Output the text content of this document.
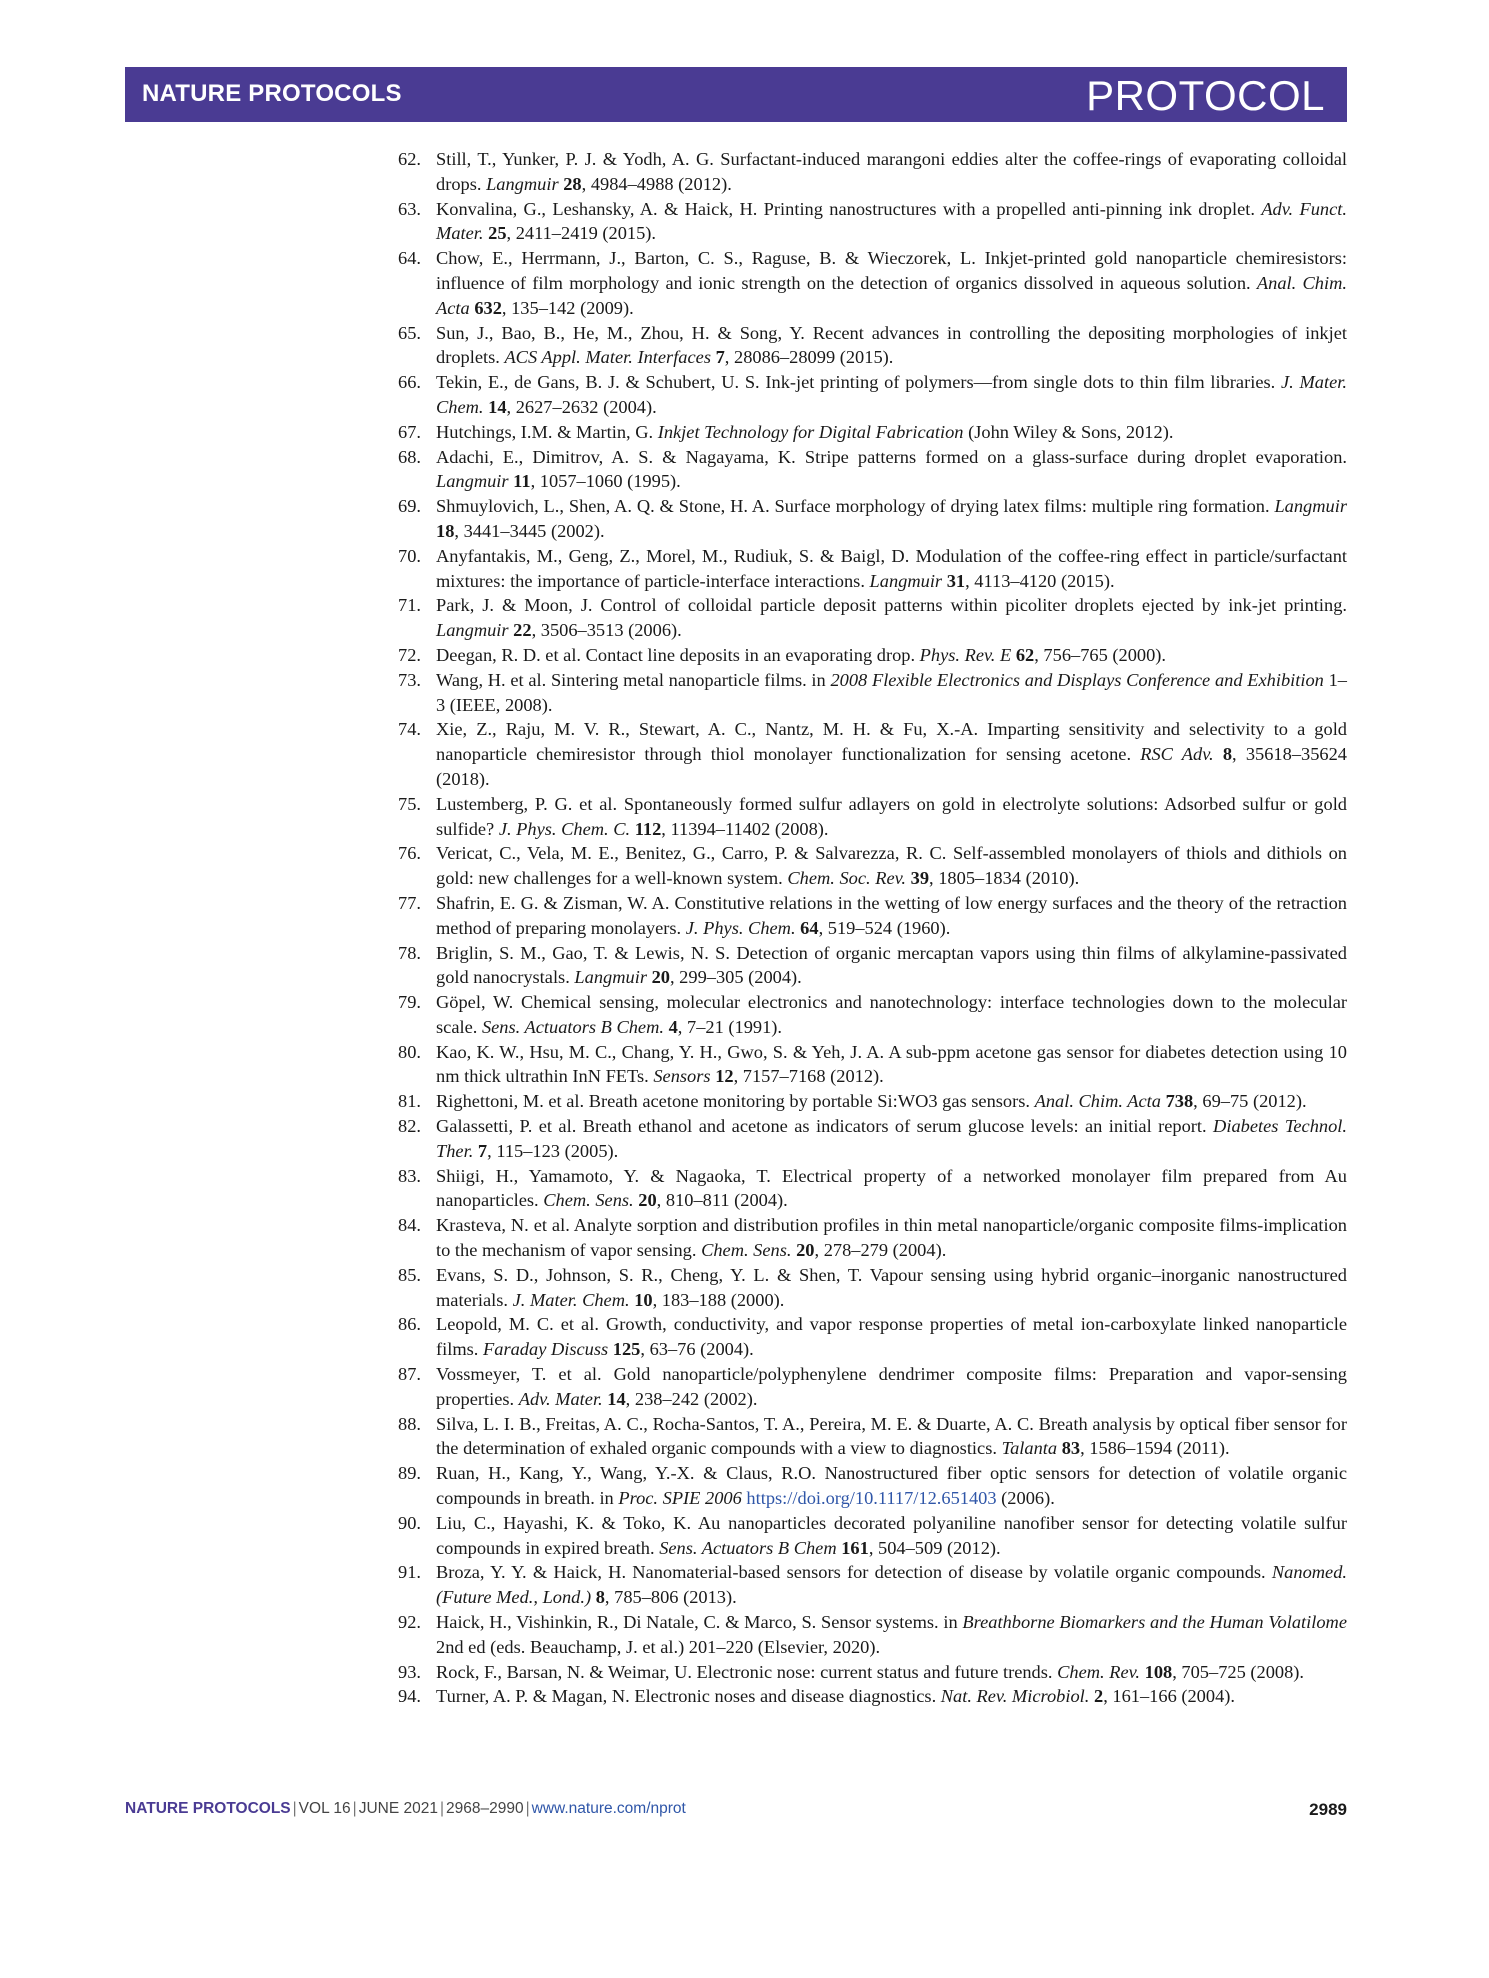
NATURE PROTOCOLS	PROTOCOL
62. Still, T., Yunker, P. J. & Yodh, A. G. Surfactant-induced marangoni eddies alter the coffee-rings of evaporating colloidal drops. Langmuir 28, 4984–4988 (2012).
63. Konvalina, G., Leshansky, A. & Haick, H. Printing nanostructures with a propelled anti-pinning ink droplet. Adv. Funct. Mater. 25, 2411–2419 (2015).
64. Chow, E., Herrmann, J., Barton, C. S., Raguse, B. & Wieczorek, L. Inkjet-printed gold nanoparticle chemiresistors: influence of film morphology and ionic strength on the detection of organics dissolved in aqueous solution. Anal. Chim. Acta 632, 135–142 (2009).
65. Sun, J., Bao, B., He, M., Zhou, H. & Song, Y. Recent advances in controlling the depositing morphologies of inkjet droplets. ACS Appl. Mater. Interfaces 7, 28086–28099 (2015).
66. Tekin, E., de Gans, B. J. & Schubert, U. S. Ink-jet printing of polymers—from single dots to thin film libraries. J. Mater. Chem. 14, 2627–2632 (2004).
67. Hutchings, I.M. & Martin, G. Inkjet Technology for Digital Fabrication (John Wiley & Sons, 2012).
68. Adachi, E., Dimitrov, A. S. & Nagayama, K. Stripe patterns formed on a glass-surface during droplet evaporation. Langmuir 11, 1057–1060 (1995).
69. Shmuylovich, L., Shen, A. Q. & Stone, H. A. Surface morphology of drying latex films: multiple ring formation. Langmuir 18, 3441–3445 (2002).
70. Anyfantakis, M., Geng, Z., Morel, M., Rudiuk, S. & Baigl, D. Modulation of the coffee-ring effect in particle/surfactant mixtures: the importance of particle-interface interactions. Langmuir 31, 4113–4120 (2015).
71. Park, J. & Moon, J. Control of colloidal particle deposit patterns within picoliter droplets ejected by ink-jet printing. Langmuir 22, 3506–3513 (2006).
72. Deegan, R. D. et al. Contact line deposits in an evaporating drop. Phys. Rev. E 62, 756–765 (2000).
73. Wang, H. et al. Sintering metal nanoparticle films. in 2008 Flexible Electronics and Displays Conference and Exhibition 1–3 (IEEE, 2008).
74. Xie, Z., Raju, M. V. R., Stewart, A. C., Nantz, M. H. & Fu, X.-A. Imparting sensitivity and selectivity to a gold nanoparticle chemiresistor through thiol monolayer functionalization for sensing acetone. RSC Adv. 8, 35618–35624 (2018).
75. Lustemberg, P. G. et al. Spontaneously formed sulfur adlayers on gold in electrolyte solutions: Adsorbed sulfur or gold sulfide? J. Phys. Chem. C. 112, 11394–11402 (2008).
76. Vericat, C., Vela, M. E., Benitez, G., Carro, P. & Salvarezza, R. C. Self-assembled monolayers of thiols and dithiols on gold: new challenges for a well-known system. Chem. Soc. Rev. 39, 1805–1834 (2010).
77. Shafrin, E. G. & Zisman, W. A. Constitutive relations in the wetting of low energy surfaces and the theory of the retraction method of preparing monolayers. J. Phys. Chem. 64, 519–524 (1960).
78. Briglin, S. M., Gao, T. & Lewis, N. S. Detection of organic mercaptan vapors using thin films of alkylamine-passivated gold nanocrystals. Langmuir 20, 299–305 (2004).
79. Göpel, W. Chemical sensing, molecular electronics and nanotechnology: interface technologies down to the molecular scale. Sens. Actuators B Chem. 4, 7–21 (1991).
80. Kao, K. W., Hsu, M. C., Chang, Y. H., Gwo, S. & Yeh, J. A. A sub-ppm acetone gas sensor for diabetes detection using 10 nm thick ultrathin InN FETs. Sensors 12, 7157–7168 (2012).
81. Righettoni, M. et al. Breath acetone monitoring by portable Si:WO3 gas sensors. Anal. Chim. Acta 738, 69–75 (2012).
82. Galassetti, P. et al. Breath ethanol and acetone as indicators of serum glucose levels: an initial report. Diabetes Technol. Ther. 7, 115–123 (2005).
83. Shiigi, H., Yamamoto, Y. & Nagaoka, T. Electrical property of a networked monolayer film prepared from Au nanoparticles. Chem. Sens. 20, 810–811 (2004).
84. Krasteva, N. et al. Analyte sorption and distribution profiles in thin metal nanoparticle/organic composite films-implication to the mechanism of vapor sensing. Chem. Sens. 20, 278–279 (2004).
85. Evans, S. D., Johnson, S. R., Cheng, Y. L. & Shen, T. Vapour sensing using hybrid organic–inorganic nanostructured materials. J. Mater. Chem. 10, 183–188 (2000).
86. Leopold, M. C. et al. Growth, conductivity, and vapor response properties of metal ion-carboxylate linked nanoparticle films. Faraday Discuss 125, 63–76 (2004).
87. Vossmeyer, T. et al. Gold nanoparticle/polyphenylene dendrimer composite films: Preparation and vapor-sensing properties. Adv. Mater. 14, 238–242 (2002).
88. Silva, L. I. B., Freitas, A. C., Rocha-Santos, T. A., Pereira, M. E. & Duarte, A. C. Breath analysis by optical fiber sensor for the determination of exhaled organic compounds with a view to diagnostics. Talanta 83, 1586–1594 (2011).
89. Ruan, H., Kang, Y., Wang, Y.-X. & Claus, R.O. Nanostructured fiber optic sensors for detection of volatile organic compounds in breath. in Proc. SPIE 2006 https://doi.org/10.1117/12.651403 (2006).
90. Liu, C., Hayashi, K. & Toko, K. Au nanoparticles decorated polyaniline nanofiber sensor for detecting volatile sulfur compounds in expired breath. Sens. Actuators B Chem 161, 504–509 (2012).
91. Broza, Y. Y. & Haick, H. Nanomaterial-based sensors for detection of disease by volatile organic compounds. Nanomed. (Future Med., Lond.) 8, 785–806 (2013).
92. Haick, H., Vishinkin, R., Di Natale, C. & Marco, S. Sensor systems. in Breathborne Biomarkers and the Human Volatilome 2nd ed (eds. Beauchamp, J. et al.) 201–220 (Elsevier, 2020).
93. Rock, F., Barsan, N. & Weimar, U. Electronic nose: current status and future trends. Chem. Rev. 108, 705–725 (2008).
94. Turner, A. P. & Magan, N. Electronic noses and disease diagnostics. Nat. Rev. Microbiol. 2, 161–166 (2004).
NATURE PROTOCOLS | VOL 16 | JUNE 2021 | 2968–2990 | www.nature.com/nprot	2989
